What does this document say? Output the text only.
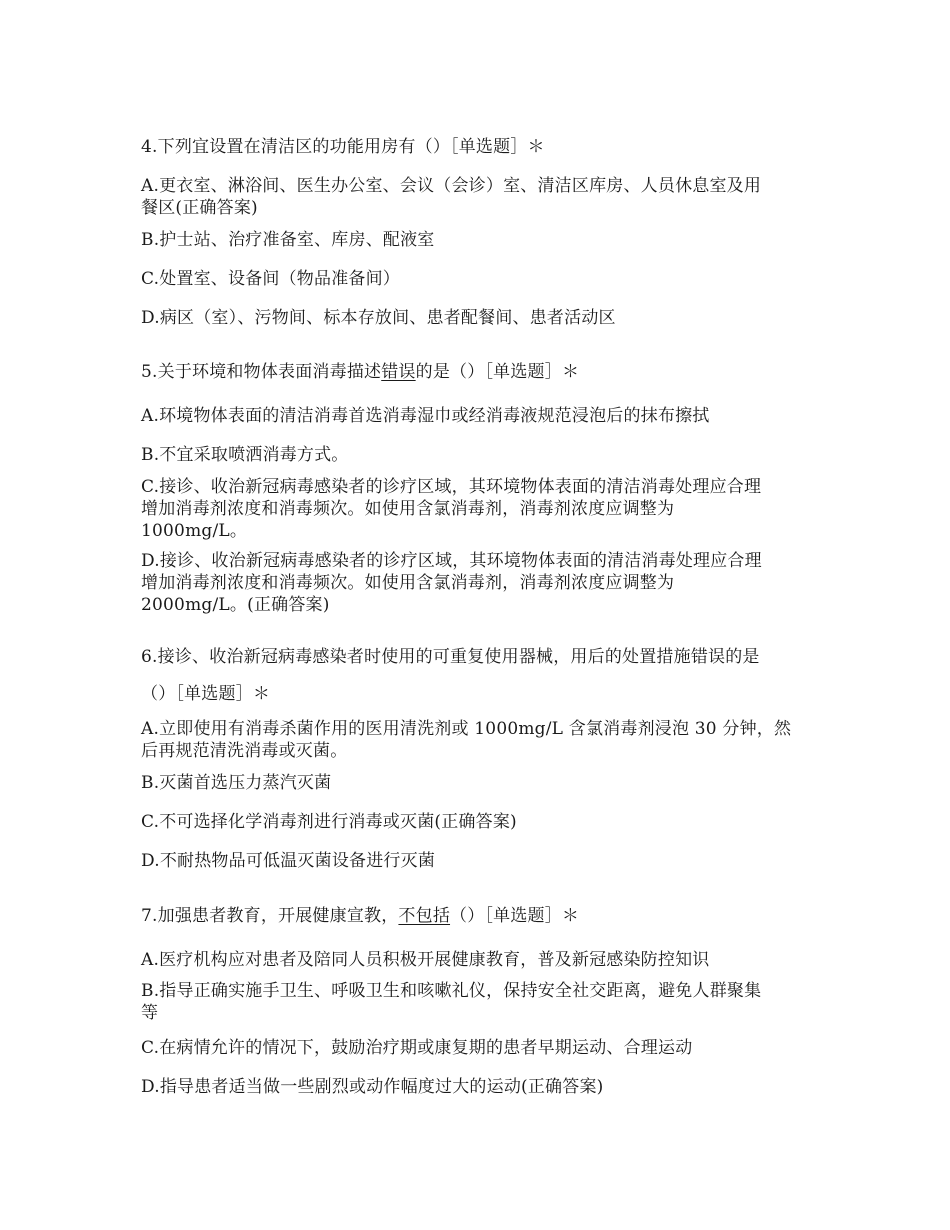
4.下列宜设置在清洁区的功能用房有（）［单选题］＊
A.更衣室、淋浴间、医生办公室、会议（会诊）室、清洁区库房、人员休息室及用
餐区(正确答案)
B.护士站、治疗准备室、库房、配液室
C.处置室、设备间（物品准备间）
D.病区（室）、污物间、标本存放间、患者配餐间、患者活动区
5.关于环境和物体表面消毒描述错误的是（）［单选题］＊
A.环境物体表面的清洁消毒首选消毒湿巾或经消毒液规范浸泡后的抹布擦拭
B.不宜采取喷洒消毒方式。
C.接诊、收治新冠病毒感染者的诊疗区域，其环境物体表面的清洁消毒处理应合理
增加消毒剂浓度和消毒频次。如使用含氯消毒剂，消毒剂浓度应调整为
1000mg/L。
D.接诊、收治新冠病毒感染者的诊疗区域，其环境物体表面的清洁消毒处理应合理
增加消毒剂浓度和消毒频次。如使用含氯消毒剂，消毒剂浓度应调整为
2000mg/L。(正确答案)
6.接诊、收治新冠病毒感染者时使用的可重复使用器械，用后的处置措施错误的是
（）［单选题］＊
A.立即使用有消毒杀菌作用的医用清洗剂或 1000mg/L 含氯消毒剂浸泡 30 分钟，然
后再规范清洗消毒或灭菌。
B.灭菌首选压力蒸汽灭菌
C.不可选择化学消毒剂进行消毒或灭菌(正确答案)
D.不耐热物品可低温灭菌设备进行灭菌
7.加强患者教育，开展健康宣教，不包括（）［单选题］＊
A.医疗机构应对患者及陪同人员积极开展健康教育，普及新冠感染防控知识
B.指导正确实施手卫生、呼吸卫生和咳嗽礼仪，保持安全社交距离，避免人群聚集
等
C.在病情允许的情况下，鼓励治疗期或康复期的患者早期运动、合理运动
D.指导患者适当做一些剧烈或动作幅度过大的运动(正确答案)
